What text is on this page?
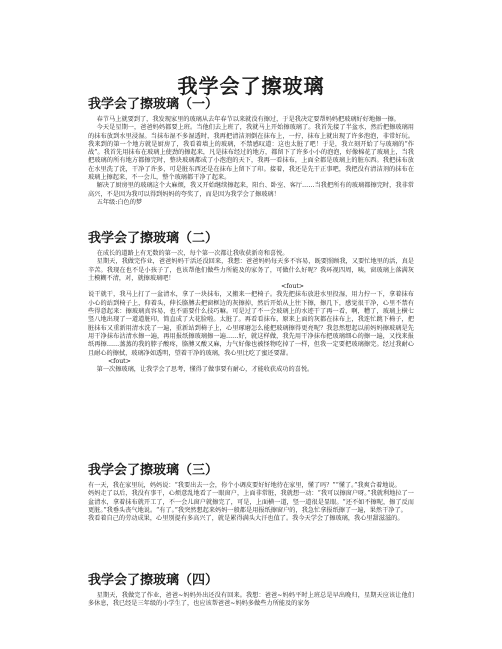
我学会了擦玻璃
我学会了擦玻璃（一）

春节马上就要到了，我发现家里的玻璃从去年春节以来就没有擦过，于是我决定要帮妈妈把玻璃好好地擦一擦。

今天是星期一，爸爸妈妈都要上班。当他们去上班了，我就马上开始擦玻璃了。我首先接了半盆水，然后把擦玻璃用的抹布放到水里浸湿。当抹布湿不多湿透时，我再把清洁剂倒在抹布上，一拧，抹布上就出现了许多泡泡，非常好玩。我来到的第一个地方就是厨房了，我看着墙上的玻璃，不禁感叹道：这也太脏了吧！于是，我立刻开始了与玻璃的“作战”。我首先用抹布在玻璃上使劲的擦起来，凡是抹布经过的地方，都留下了许多小小的泡泡，好像棉花了玻璃上，当我把玻璃的所有地方都擦完时，整块玻璃都成了小泡泡的天下，我再一看抹布，上面全都是玻璃上的脏东西。我把抹布放在水里洗了洗，干净了许多，可是脏东西还是在抹布上留下了印。接着，我还是先干正事吧，我把没有清洁剂的抹布在玻璃上擦起来，不一会儿，整个玻璃都干净了起来。

解决了厨房里的玻璃这个大麻烦，我又开始继续擦起来，阳台、卧室、客厅……当我把所有的玻璃都擦完时，我非常高兴，不是因为我可以得到妈妈的夸奖了，而是因为我学会了擦玻璃！

五年级:白色的梦

我学会了擦玻璃（二）

在成长的道路上有无数的第一次，每个第一次都让我收获新奇和喜悦。

星期天，我做完作业，爸爸妈妈干活还没回来，我想：爸爸妈妈每天多不容易，既要照顾我，又要忙地里的活，真是辛苦。我现在也不是小孩子了，也该帮他们做些力所能及的家务了，可做什么好呢？我环视四周，咦，窗玻璃上落满灰土模糊不清，对，就擦玻璃吧！

<fout>

说干就干，我马上打了一盆清水，拿了一块抹布，又搬来一把椅子。我先把抹布放进水里投湿，用力拧一下，拿着抹布小心的站到椅子上，仰着头，伸长胳膊去把窗框边的灰擦掉，然后开始从上往下擦，擦几下，感觉很干净，心里不禁有些得意起来：擦玻璃真容易，也不需要什么技巧嘛。可是过了不一会玻璃上的水迹干了再一看，啊，糟了，玻璃上横七竖八地出现了一道道脏印，简直成了大花脸啦。太脏了。再看看抹布，原来上面的灰都在抹布上，我连忙跳下椅子，把脏抹布又重新用清水洗了一遍，重新站到椅子上，心里琢磨怎么能把玻璃擦得更亮呢？我忽然想起以前妈妈擦玻璃是先用干净抹布沾清水擦一遍，再用报纸擦玻璃擦一遍……好，就这样做，我先用干净抹布把玻璃细心的擦一遍，又找来报纸再擦……蒸蒸的我的脖子酸疼，胳膊又酸又麻，力气好像也被怪物吃掉了一样，但我一定要把玻璃擦完。经过我耐心且耐心的擦拭，玻璃净如透明，望着干净的玻璃，我心里比吃了蜜还要甜。

<fout>

第一次擦玻璃，让我学会了思考，懂得了做事要有耐心，才能收获成功的喜悦。

我学会了擦玻璃（三）

有一天，我在家里玩，妈妈说：“我要出去一会，你个小调皮要好好地待在家里，懂了吗？”“懂了。”我爽合着地说。

妈妈走了以后，我没有事干，心烦意乱地看了一眼窗户，上面非常脏，我就想一动：“我可以擦窗户呀。”我就利地拉了一盆清水，拿着抹布就开工了，不一会儿窗户就擦完了，可是，上面横一道，竖一道很是显眼。“还不如不擦呢，擦了反而更脏。”我垂头丧气地说。“有了。”我突然想起来妈妈一般都是用报纸擦窗户的，我急忙拿报纸擦了一遍，果然干净了。

我看着自己的劳动成果，心里别提有多高兴了，就是累得满头大汗也值了。我今天学会了擦玻璃，我心里甜滋滋的。

我学会了擦玻璃（四）

星期天，我做完了作业，爸爸~妈妈外出还没有回来。我想：爸爸~妈妈平时上班总是早出晚归，星期天应该让他们多休息，我已经是三年级的小学生了，也应该帮爸爸~妈妈多做些力所能及的家务
